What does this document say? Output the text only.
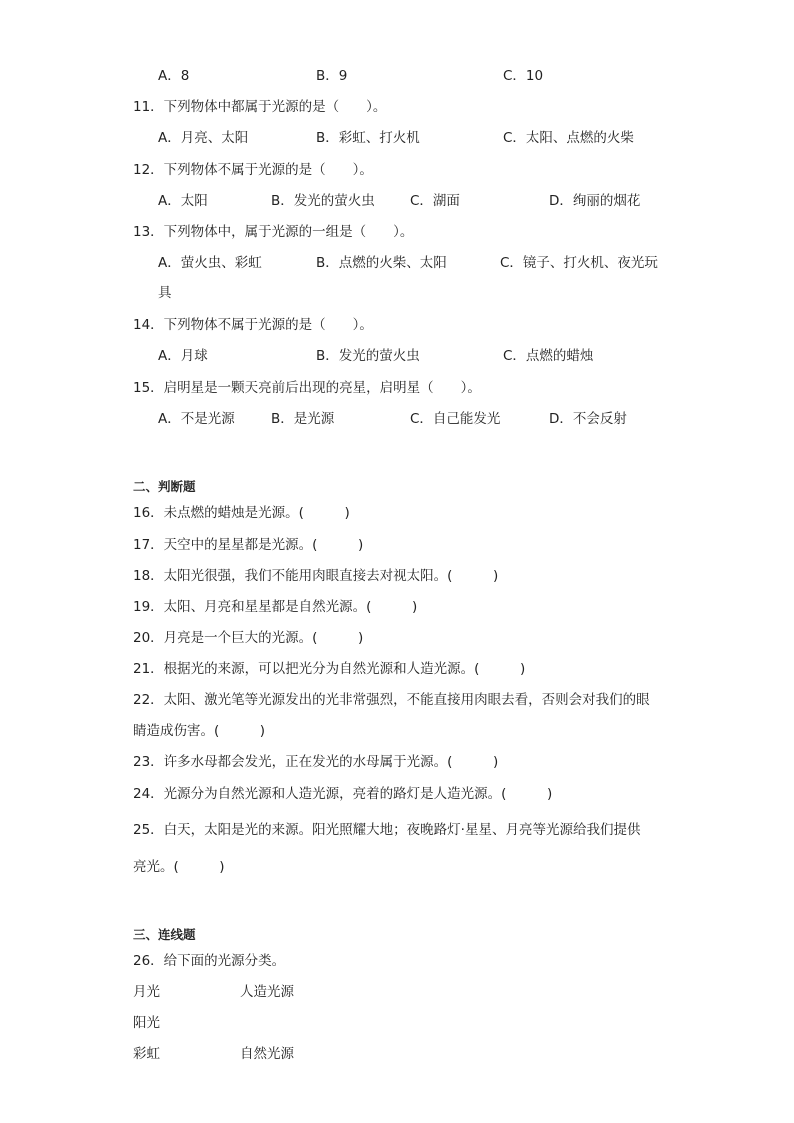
A．8	B．9	C．10
11．下列物体中都属于光源的是（　　）。
A．月亮、太阳	B．彩虹、打火机	C．太阳、点燃的火柴
12．下列物体不属于光源的是（　　）。
A．太阳	B．发光的萤火虫	C．湖面	D．绚丽的烟花
13．下列物体中，属于光源的一组是（　　）。
A．萤火虫、彩虹	B．点燃的火柴、太阳	C．镜子、打火机、夜光玩
具
14．下列物体不属于光源的是（　　）。
A．月球	B．发光的萤火虫	C．点燃的蜡烛
15．启明星是一颗天亮前后出现的亮星，启明星（　　）。
A．不是光源	B．是光源	C．自己能发光	D．不会反射
二、判断题
16．未点燃的蜡烛是光源。(　　　)
17．天空中的星星都是光源。(　　　)
18．太阳光很强，我们不能用肉眼直接去对视太阳。(　　　)
19．太阳、月亮和星星都是自然光源。(　　　)
20．月亮是一个巨大的光源。(　　　)
21．根据光的来源，可以把光分为自然光源和人造光源。(　　　)
22．太阳、激光笔等光源发出的光非常强烈，不能直接用肉眼去看，否则会对我们的眼
睛造成伤害。(　　　)
23．许多水母都会发光，正在发光的水母属于光源。(　　　)
24．光源分为自然光源和人造光源，亮着的路灯是人造光源。(　　　)
25．白天，太阳是光的来源。阳光照耀大地；夜晚路灯·星星、月亮等光源给我们提供
亮光。(　　　)
三、连线题
26．给下面的光源分类。
月光	人造光源
阳光
彩虹	自然光源
